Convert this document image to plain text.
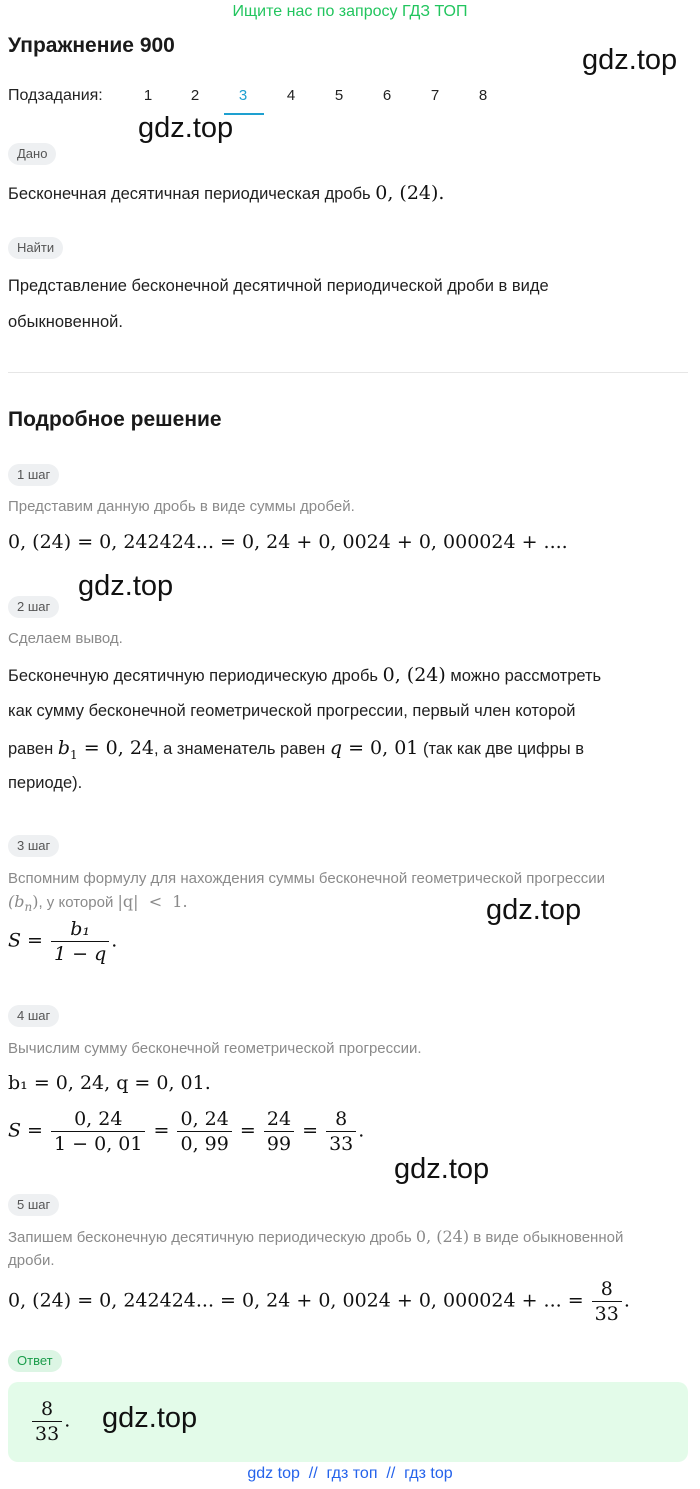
Ищите нас по запросу ГДЗ ТОП
Упражнение 900	gdz.top
Подзадания:	1	2	3	4	5	6	7	8
gdz.top
Дано
Бесконечная десятичная периодическая дробь 0, (24).
Найти
Представление бесконечной десятичной периодической дроби в виде
обыкновенной.
Подробное решение
1 шаг
Представим данную дробь в виде суммы дробей.
0, (24) = 0, 242424... = 0, 24 + 0, 0024 + 0, 000024 + ....
gdz.top
2 шаг
Сделаем вывод.
Бесконечную десятичную периодическую дробь 0, (24) можно рассмотреть
как сумму бесконечной геометрической прогрессии, первый член которой
равен $b_1 = 0$, 24, а знаменатель равен q = 0, 01 (так как две цифры в
периоде).
3 шаг
Вспомним формулу для нахождения суммы бесконечной геометрической прогрессии
$(b_n)$, у которой |q|  <  1.	gdz.top
$S = \frac{\text{b₁}}{1 - q}$ .
4 шаг
Вычислим сумму бесконечной геометрической прогрессии.
b₁ = 0, 24, q = 0, 01.
$S = \frac{0, 24}{1 - 0, 01} = \frac{0, 24}{0, 99} = \frac{24}{99} = \frac{8}{33}$ .
gdz.top
5 шаг
Запишем бесконечную десятичную периодическую дробь 0, (24) в виде обыкновенной
дроби.
0, (24) = 0, 242424... = 0, 24 + 0, 0024 + 0, 000024 + ... = $\frac{8}{33}$ .
Ответ
$\frac{8}{33}$ . gdz.top
gdz top  //  гдз топ  //  гдз top
